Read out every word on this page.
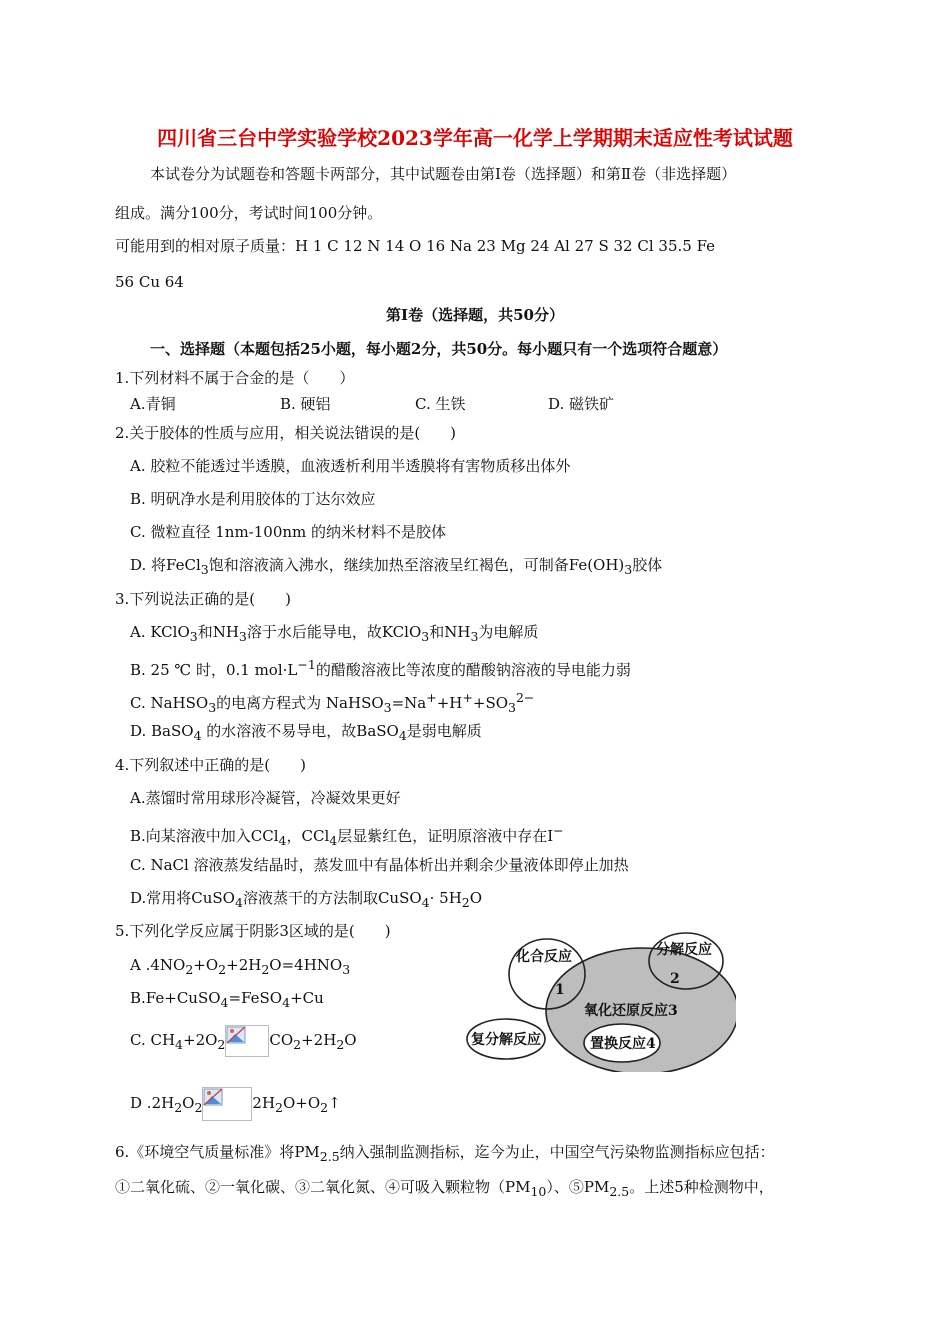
四川省三台中学实验学校2023学年高一化学上学期期末适应性考试试题
本试卷分为试题卷和答题卡两部分，其中试题卷由第Ⅰ卷（选择题）和第Ⅱ卷（非选择题）
组成。满分100分，考试时间100分钟。
可能用到的相对原子质量：H 1 C 12 N 14 O 16 Na 23 Mg 24 Al 27 S 32 Cl 35.5 Fe
56 Cu 64
第Ⅰ卷（选择题，共50分）
一、选择题（本题包括25小题，每小题2分，共50分。每小题只有一个选项符合题意）
1.下列材料不属于合金的是（　　）
A.青铜	B. 硬铝	C. 生铁	D. 磁铁矿
2.关于胶体的性质与应用，相关说法错误的是(　　)
A. 胶粒不能透过半透膜，血液透析利用半透膜将有害物质移出体外
B. 明矾净水是利用胶体的丁达尔效应
C. 微粒直径 1nm-100nm 的纳米材料不是胶体
D. 将FeCl$_3$饱和溶液滴入沸水，继续加热至溶液呈红褐色，可制备$Fe(OH)_3$胶体
3.下列说法正确的是(　　)
A. KClO$_3$和$NH_3$溶于水后能导电，故KClO$_3$和$NH_3$为电解质
B. 25 ℃ 时，0.1 $mol\cdot L^{-1}$的醋酸溶液比等浓度的醋酸钠溶液的导电能力弱
C. NaHSO$_3$的电离方程式为 $NaHSO_3=Na^++H^++SO_3^{2-}$
D. BaSO$_4$ 的水溶液不易导电，故BaSO$_4$是弱电解质
4.下列叙述中正确的是(　　)
A.蒸馏时常用球形冷凝管，冷凝效果更好
B.向某溶液中加入CCl$_4$，CCl$_4$层显紫红色，证明原溶液中存在I−
C. NaCl 溶液蒸发结晶时，蒸发皿中有晶体析出并剩余少量液体即停止加热
D.常用将CuSO$_4$溶液蒸干的方法制取CuSO$_4$· $5H_2O$
5.下列化学反应属于阴影3区域的是(　　)
A $.4NO_2+O_2+2H_2O=4HNO_3$
B.Fe+CuSO$_4$=FeSO$_4$+Cu
C. $CH_4+2O_2$	$CO_2+2H_2O$
D $.2H_2O_2$	$2H_2O+O_2↑$
化合反应	分解反应
氧化还原反应3
置换反应4
复分解反应
1
2
6.《环境空气质量标准》将$PM_{2.5}$纳入强制监测指标，迄今为止，中国空气污染物监测指标应包括：
①二氧化硫、②一氧化碳、③二氧化氮、④可吸入颗粒物$(PM_{10})$、$⑤PM_{2.5}$。上述5种检测物中，
